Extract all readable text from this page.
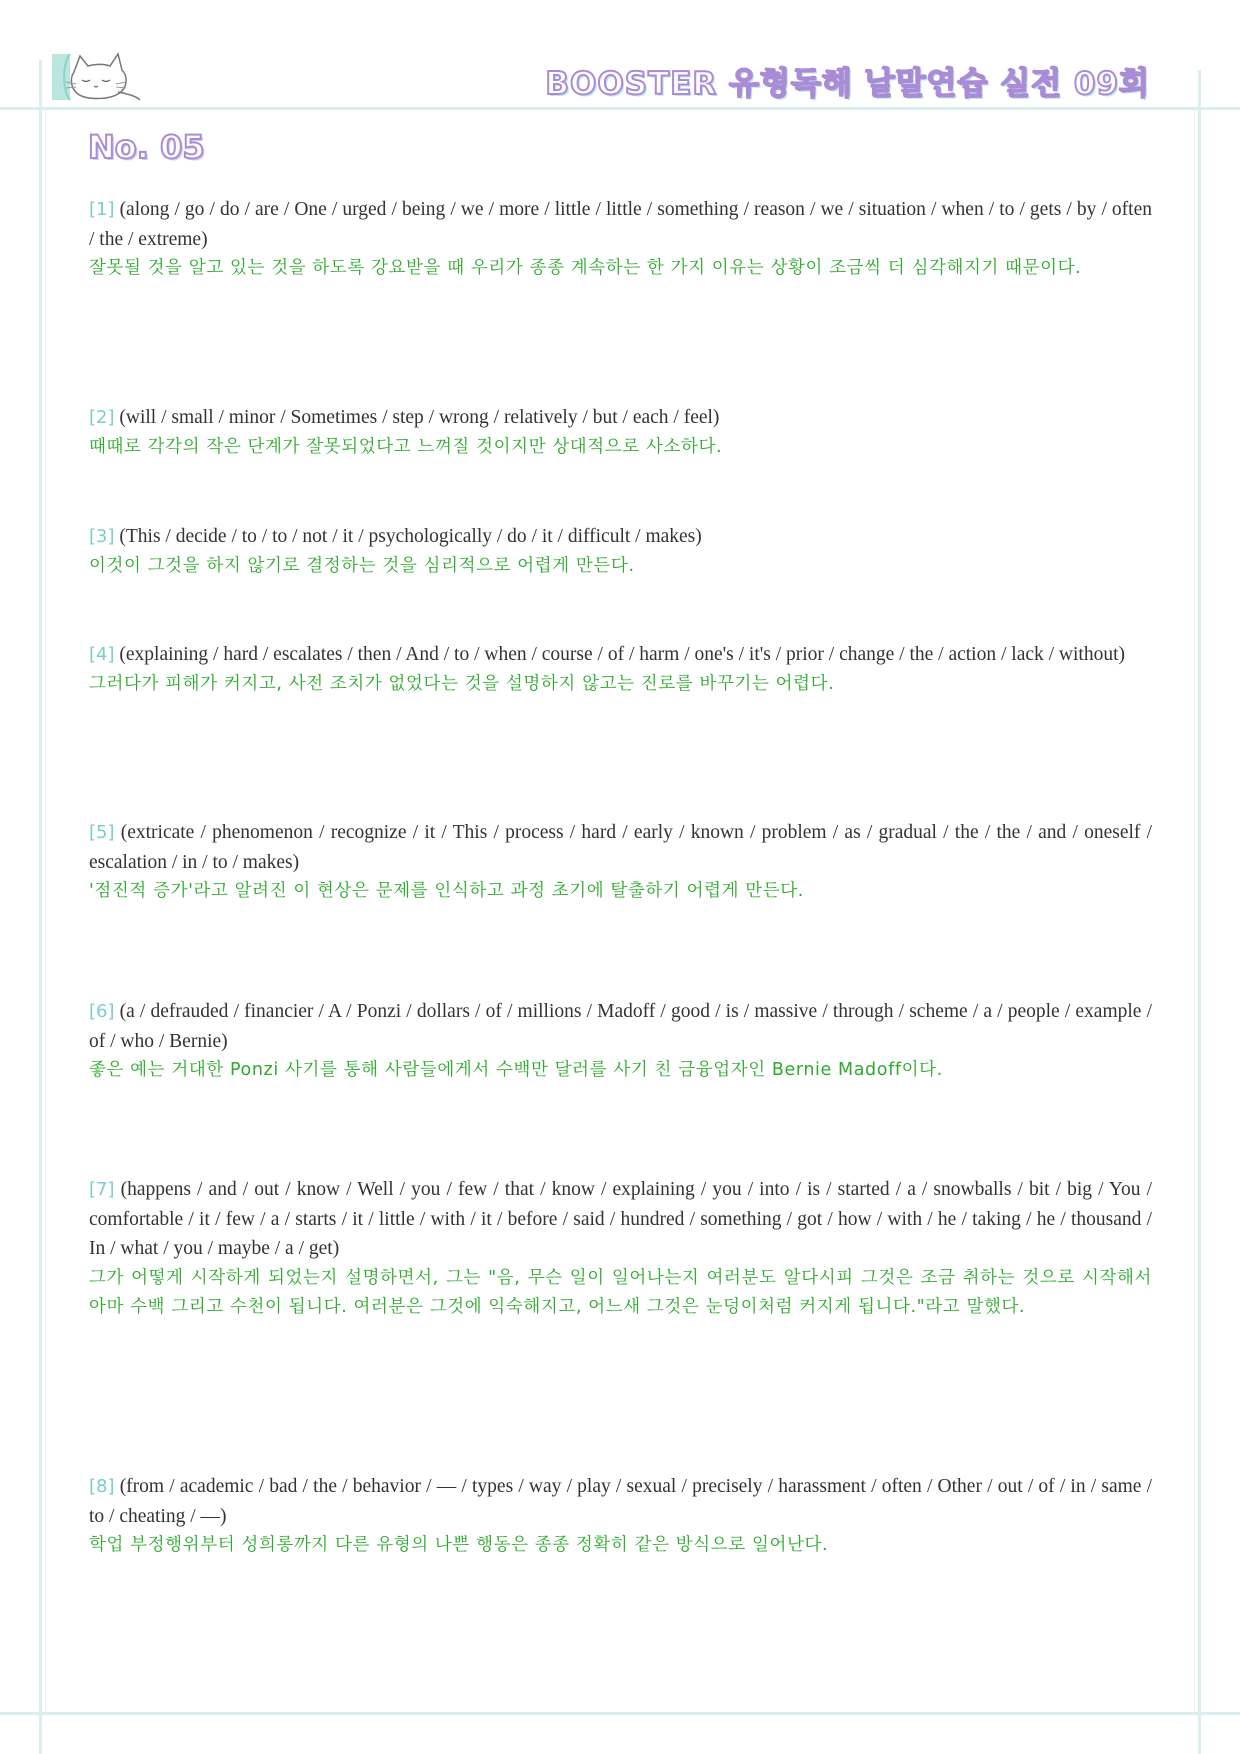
BOOSTER 유형독해 낱말연습 실전 09회
No. 05

[1] (along / go / do / are / One / urged / being / we / more / little / little / something / reason / we / situation / when / to / gets / by / often / the / extreme)

잘못될 것을 알고 있는 것을 하도록 강요받을 때 우리가 종종 계속하는 한 가지 이유는 상황이 조금씩 더 심각해지기 때문이다.

[2] (will / small / minor / Sometimes / step / wrong / relatively / but / each / feel)

때때로 각각의 작은 단계가 잘못되었다고 느껴질 것이지만 상대적으로 사소하다.

[3] (This / decide / to / to / not / it / psychologically / do / it / difficult / makes)

이것이 그것을 하지 않기로 결정하는 것을 심리적으로 어렵게 만든다.

[4] (explaining / hard / escalates / then / And / to / when / course / of / harm / one's / it's / prior / change / the / action / lack / without)

그러다가 피해가 커지고, 사전 조치가 없었다는 것을 설명하지 않고는 진로를 바꾸기는 어렵다.

[5] (extricate / phenomenon / recognize / it / This / process / hard / early / known / problem / as / gradual / the / the / and / oneself / escalation / in / to / makes)

'점진적 증가'라고 알려진 이 현상은 문제를 인식하고 과정 초기에 탈출하기 어렵게 만든다.

[6] (a / defrauded / financier / A / Ponzi / dollars / of / millions / Madoff / good / is / massive / through / scheme / a / people / example / of / who / Bernie)

좋은 예는 거대한 Ponzi 사기를 통해 사람들에게서 수백만 달러를 사기 친 금융업자인 Bernie Madoff이다.

[7] (happens / and / out / know / Well / you / few / that / know / explaining / you / into / is / started / a / snowballs / bit / big / You / comfortable / it / few / a / starts / it / little / with / it / before / said / hundred / something / got / how / with / he / taking / he / thousand / In / what / you / maybe / a / get)

그가 어떻게 시작하게 되었는지 설명하면서, 그는 "음, 무슨 일이 일어나는지 여러분도 알다시피 그것은 조금 취하는 것으로 시작해서 아마 수백 그리고 수천이 됩니다. 여러분은 그것에 익숙해지고, 어느새 그것은 눈덩이처럼 커지게 됩니다."라고 말했다.

[8] (from / academic / bad / the / behavior / — / types / way / play / sexual / precisely / harassment / often / Other / out / of / in / same / to / cheating / —)

학업 부정행위부터 성희롱까지 다른 유형의 나쁜 행동은 종종 정확히 같은 방식으로 일어난다.
